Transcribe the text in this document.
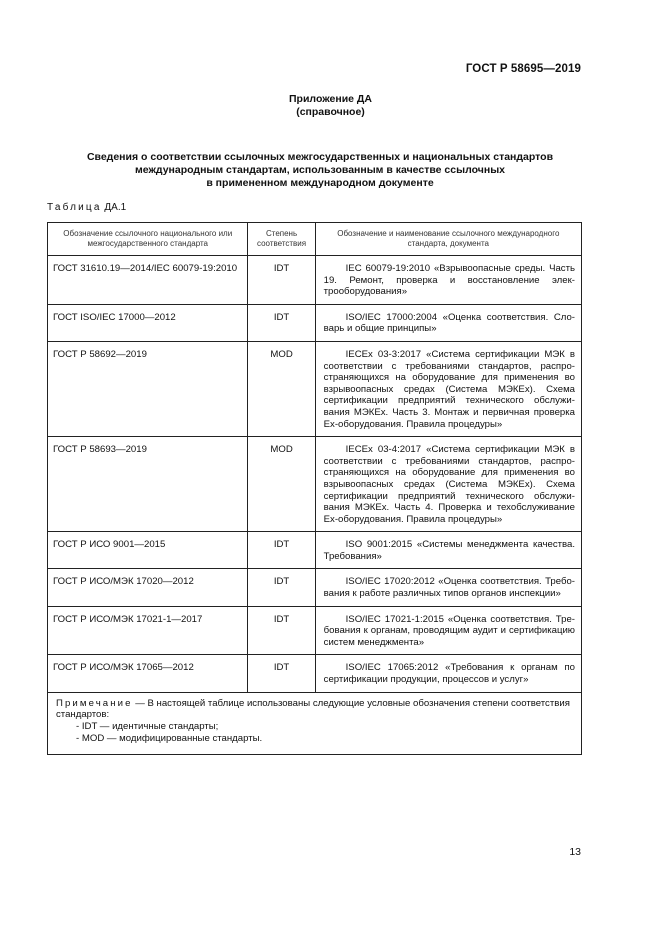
ГОСТ Р 58695—2019
Приложение ДА
(справочное)
Сведения о соответствии ссылочных межгосударственных и национальных стандартов
международным стандартам, использованным в качестве ссылочных
в примененном международном документе
Таблица ДА.1
Обозначение ссылочного национального или межгосударственного стандарта	Степень соответствия	Обозначение и наименование ссылочного международного стандарта, документа
ГОСТ 31610.19—2014/IEC 60079-19:2010	IDT	IEC 60079-19:2010 «Взрывоопасные среды. Часть 19. Ремонт, проверка и восстановление электрооборудования»
ГОСТ ISO/IEC 17000—2012	IDT	ISO/IEC 17000:2004 «Оценка соответствия. Словарь и общие принципы»
ГОСТ Р 58692—2019	MOD	IECEx 03-3:2017 «Система сертификации МЭК в соответствии с требованиями стандартов, распространяющихся на оборудование для применения во взрывоопасных средах (Система МЭКЕх). Схема сертификации предприятий технического обслуживания МЭКЕх. Часть 3. Монтаж и первичная проверка Ех-оборудования. Правила процедуры»
ГОСТ Р 58693—2019	MOD	IECEx 03-4:2017 «Система сертификации МЭК в соответствии с требованиями стандартов, распространяющихся на оборудование для применения во взрывоопасных средах (Система МЭКЕх). Схема сертификации предприятий технического обслуживания МЭКЕх. Часть 4. Проверка и техобслуживание Ех-оборудования. Правила процедуры»
ГОСТ Р ИСО 9001—2015	IDT	ISO 9001:2015 «Системы менеджмента качества. Требования»
ГОСТ Р ИСО/МЭК 17020—2012	IDT	ISO/IEC 17020:2012 «Оценка соответствия. Требования к работе различных типов органов инспекции»
ГОСТ Р ИСО/МЭК 17021-1—2017	IDT	ISO/IEC 17021-1:2015 «Оценка соответствия. Требования к органам, проводящим аудит и сертификацию систем менеджмента»
ГОСТ Р ИСО/МЭК 17065—2012	IDT	ISO/IEC 17065:2012 «Требования к органам по сертификации продукции, процессов и услуг»

Примечание — В настоящей таблице использованы следующие условные обозначения степени соответствия стандартов:
- IDT — идентичные стандарты;
- MOD — модифицированные стандарты.		
13
